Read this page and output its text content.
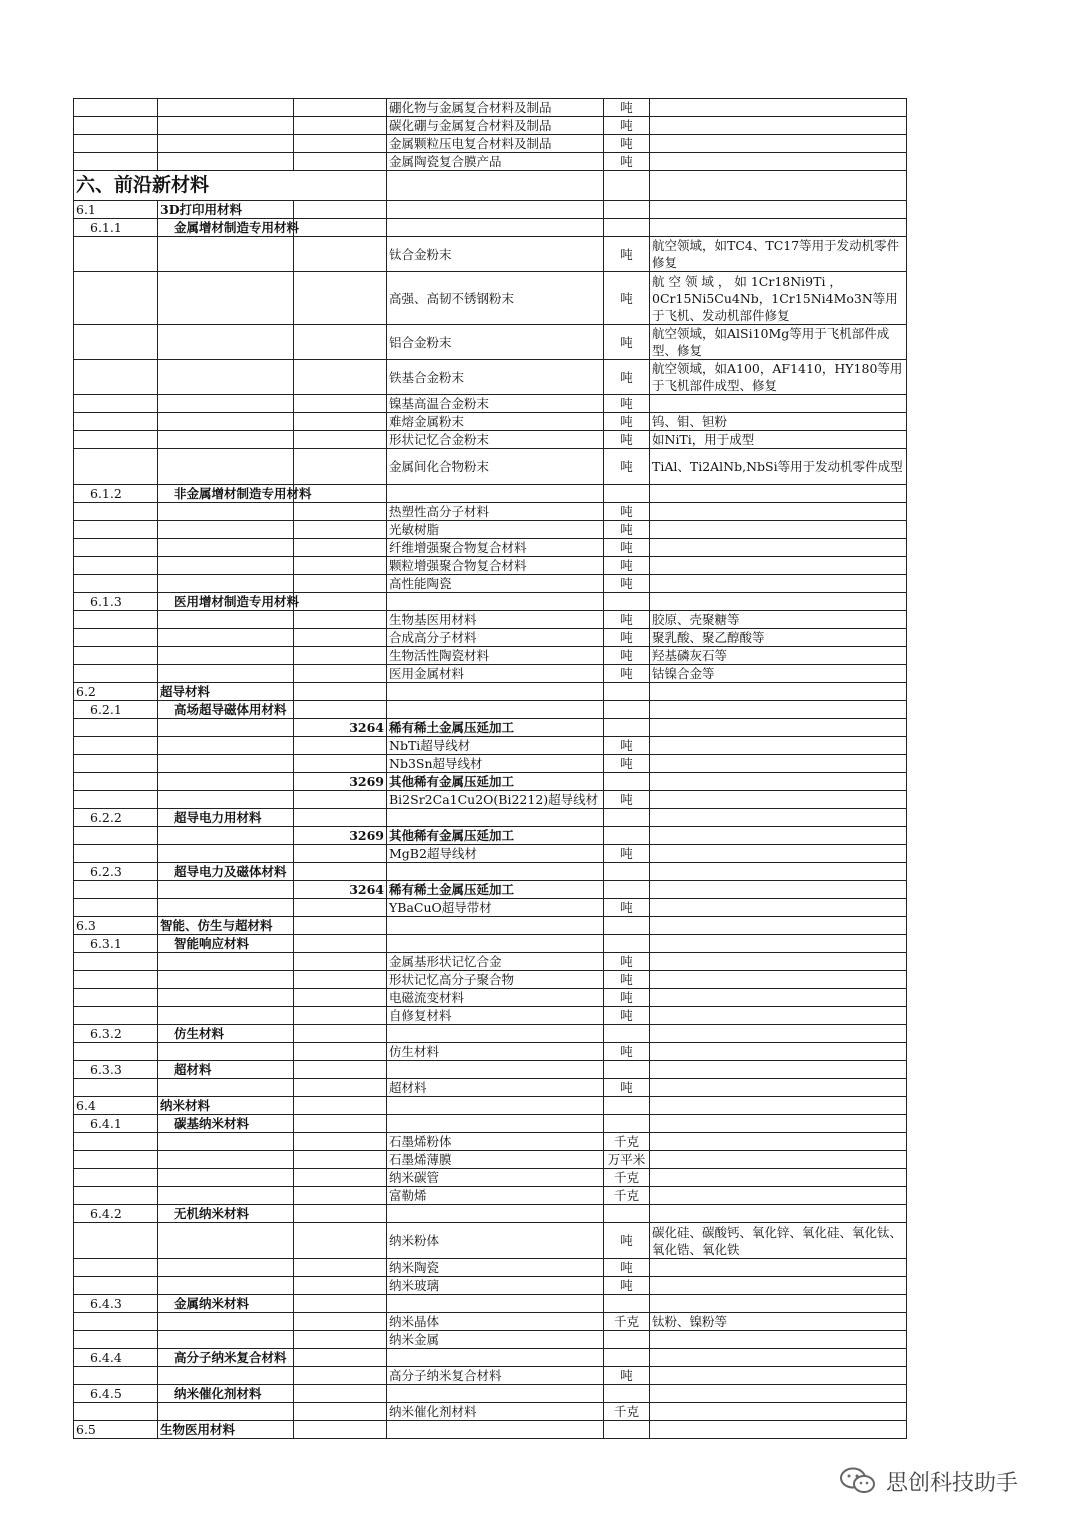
			硼化物与金属复合材料及制品	吨	
			碳化硼与金属复合材料及制品	吨	
			金属颗粒压电复合材料及制品	吨	
			金属陶瓷复合膜产品	吨	
六、前沿新材料					
6.1	3D打印用材料				
6.1.1	金属增材制造专用材料				
			钛合金粉末	吨	航空领域，如TC4、TC17等用于发动机零件修复
			高强、高韧不锈钢粉末	吨	航 空 领 域 ， 如 1Cr18Ni9Ti ，0Cr15Ni5Cu4Nb，1Cr15Ni4Mo3N等用于飞机、发动机部件修复
			铝合金粉末	吨	航空领域，如AlSi10Mg等用于飞机部件成型、修复
			铁基合金粉末	吨	航空领域，如A100，AF1410，HY180等用于飞机部件成型、修复
			镍基高温合金粉末	吨	
			难熔金属粉末	吨	钨、钼、钽粉
			形状记忆合金粉末	吨	如NiTi，用于成型
			金属间化合物粉末	吨	TiAl、Ti2AlNb,NbSi等用于发动机零件成型
6.1.2	非金属增材制造专用材料				
			热塑性高分子材料	吨	
			光敏树脂	吨	
			纤维增强聚合物复合材料	吨	
			颗粒增强聚合物复合材料	吨	
			高性能陶瓷	吨	
6.1.3	医用增材制造专用材料				
			生物基医用材料	吨	胶原、壳聚糖等
			合成高分子材料	吨	聚乳酸、聚乙醇酸等
			生物活性陶瓷材料	吨	羟基磷灰石等
			医用金属材料	吨	钴镍合金等
6.2	超导材料				
6.2.1	高场超导磁体用材料				
		3264	稀有稀土金属压延加工		
			NbTi超导线材	吨	
			Nb3Sn超导线材	吨	
		3269	其他稀有金属压延加工		
			Bi2Sr2Ca1Cu2O(Bi2212)超导线材	吨	
6.2.2	超导电力用材料				
		3269	其他稀有金属压延加工		
			MgB2超导线材	吨	
6.2.3	超导电力及磁体材料				
		3264	稀有稀土金属压延加工		
			YBaCuO超导带材	吨	
6.3	智能、仿生与超材料				
6.3.1	智能响应材料				
			金属基形状记忆合金	吨	
			形状记忆高分子聚合物	吨	
			电磁流变材料	吨	
			自修复材料	吨	
6.3.2	仿生材料				
			仿生材料	吨	
6.3.3	超材料				
			超材料	吨	
6.4	纳米材料				
6.4.1	碳基纳米材料				
			石墨烯粉体	千克	
			石墨烯薄膜	万平米	
			纳米碳管	千克	
			富勒烯	千克	
6.4.2	无机纳米材料				
			纳米粉体	吨	碳化硅、碳酸钙、氧化锌、氧化硅、氧化钛、氧化锆、氧化铁
			纳米陶瓷	吨	
			纳米玻璃	吨	
6.4.3	金属纳米材料				
			纳米晶体	千克	钛粉、镍粉等
			纳米金属		
6.4.4	高分子纳米复合材料				
			高分子纳米复合材料	吨	
6.4.5	纳米催化剂材料				
			纳米催化剂材料	千克	
6.5	生物医用材料				
思创科技助手
